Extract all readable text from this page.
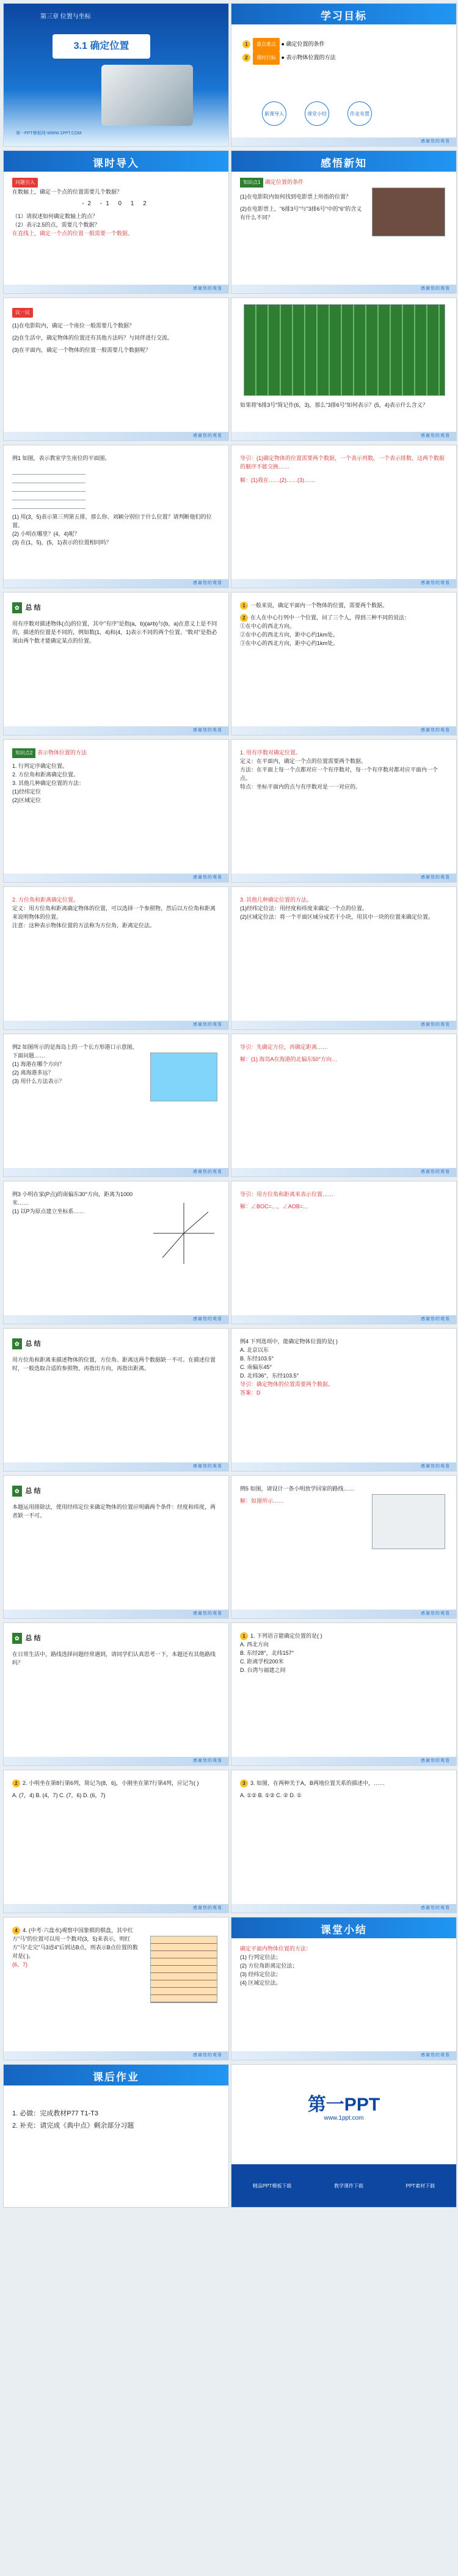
第三章 位置与坐标
3.1 确定位置
第一PPT模板网-WWW.1PPT.COM
学习目标
1 重点难点 ● 确定位置的条件
2 课时目标 ● 表示物体位置的方法
新课导入	课堂小结	作业布置
感谢您的观看
课时导入
问题引入
在数轴上，确定一个点的位置需要几个数据？
-2 -1 0 1 2
（1）请叙述如何确定数轴上的点？
（2）表示2.5的点，需要几个数据？
在直线上，确定一个点的位置一般需要一个数据。
感谢您的观看
感悟新知
知识点1 确定位置的条件
(1)在电影院内如何找到电影票上所指的位置？
(2)在电影票上，"6排3号"与"3排6号"中的"6"的含义有什么不同？
感谢您的观看
议一议
(1)在电影院内，确定一个座位一般需要几个数据？
(2)在生活中，确定物体的位置还有其他方法吗？与同伴进行交流。
(3)在平面内，确定一个物体的位置一般需要几个数据呢？
感谢您的观看
如果将"6排3号"简记作(6，3)，那么"3排6号"如何表示？(5，4)表示什么含义？
感谢您的观看
例1 如图，表示教室学生座位的平面图。
(1) 用(3，5)表示第三列第五排，那么你、刘颖分别位于什么位置？请判断他们的位置。
(2) 小明在哪里？(4，4)呢？
(3) 在(1，5)，(5，1)表示的位置相同吗？
感谢您的观看
导引：(1)确定物体的位置需要两个数据，一个表示列数，一个表示排数，这两个数据的顺序不能交换……
解：(1)我在……(2)……(3)……
感谢您的观看
✿ 总 结
用有序数对描述物体(点)的位置，其中"有序"是指(a，b)(a≠b)与(b，a)在意义上是不同的，描述的位置是不同的，例如数(1，4)和(4，1)表示不同的两个位置。"数对"是指必须由两个数才能确定某点的位置。
感谢您的观看
1 一般来说，确定平面内一个物体的位置，需要两个数据。
2 在人在中心行列中一个位置，问了三个人，得到三种不同的说法：
①在中心的西北方向。
②在中心的西北方向，距中心约1km处。
③在中心的西北方向，距中心约1km处。
感谢您的观看
知识点2 表示物体位置的方法
1. 行列定序确定位置。
2. 方位角和距离确定位置。
3. 其他几种确定位置的方法：
(1)经纬定位
(2)区域定位
感谢您的观看
1. 用有序数对确定位置。
定义：在平面内，确定一个点的位置需要两个数据。
方法：在平面上每一个点都对应一个有序数对，每一个有序数对都对应平面内一个点。
特点：坐标平面内的点与有序数对是一一对应的。
感谢您的观看
2. 方位角和距离确定位置。
定义：用方位角和距离确定物体的位置，可以选择一个参照物，然后以方位角和距离来说明物体的位置。
注意：这种表示物体位置的方法称为方位角，距离定位法。
感谢您的观看
3. 其他几种确定位置的方法。
(1)经纬定位法：用经度和纬度来确定一个点的位置。
(2)区域定位法：将一个平面区域分成若干小块，用其中一块的位置来确定位置。
感谢您的观看
例2 如图所示的是海岛上的一个长方形港口示意图，下面问题……
(1) 海港在哪个方向？
(2) 离海港多远？
(3) 用什么方法表示？
感谢您的观看
导引：先确定方位，再确定距离……
解：(1) 海岛A在海港的北偏东50°方向…
感谢您的观看
例3 小明在家(P点)的南偏东30°方向，距离为1000米……
(1) 以P为原点建立坐标系……
感谢您的观看
导引：用方位角和距离来表示位置……
解：∠BOC=…，∠AOB=…
感谢您的观看
✿ 总 结
用方位角和距离来描述物体的位置，方位角、距离这两个数据缺一不可。在描述位置时，一般选取合适的参照物，再指出方向，再指出距离。
感谢您的观看
例4 下列选项中，能确定物体位置的是( )
A. 北京以东
B. 东经103.5°
C. 南偏东45°
D. 北纬36°，东经103.5°
导引：确定物体的位置需要两个数据。
答案：D
感谢您的观看
✿ 总 结
本题运用排除法，使用经纬定位来确定物体的位置应明确两个条件：经度和纬度，两者缺一不可。
感谢您的观看
例5 如图，请设计一条小明放学回家的路线……
解：如图所示……
感谢您的观看
✿ 总 结
在日常生活中，路线选择问题经常遇到，请同学们认真思考一下，本题还有其他路线吗？
感谢您的观看
1 1. 下列语言能确定位置的是( )
A. 西北方向
B. 东经28°，北纬157°
C. 距离学校200米
D. 台湾与福建之间
感谢您的观看
2 2. 小明坐在第8行第6列，简记为(8，6)，小刚坐在第7行第4列，应记为( )
A. (7，4) B. (4，7) C. (7，6) D. (6，7)
感谢您的观看
3 3. 如图，在两种关于A，B两地位置关系的描述中，……
A. ①② B. ①② C. ② D. ①
感谢您的观看
4 4. (中考·六盘水)观察中国象棋的棋盘，其中红方"马"的位置可以用一个数对(3，5)来表示，则红方"马"走完"马3进4"后到达B点，则表示B点位置的数对是( )。
(6，7)
感谢您的观看
课堂小结
确定平面内物体位置的方法：
(1) 行列定位法；
(2) 方位角距离定位法；
(3) 经纬定位法；
(4) 区域定位法。
感谢您的观看
课后作业
1. 必做：完成教材P77 T1-T3
2. 补充：请完成《典中点》剩余部分习题
第一PPT
www.1ppt.com
精品PPT模板下载	教学课件下载	PPT素材下载
